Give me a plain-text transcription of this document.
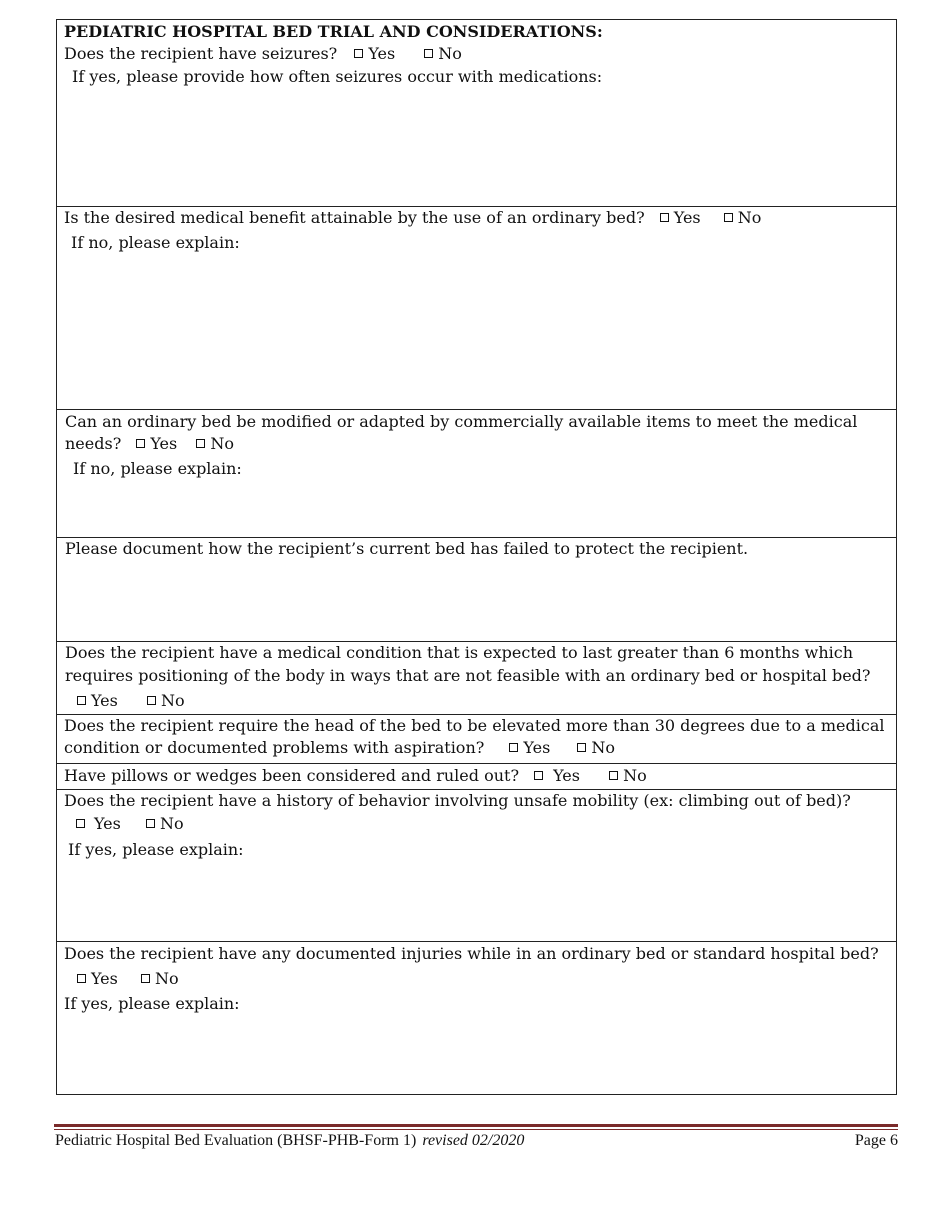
PEDIATRIC HOSPITAL BED TRIAL AND CONSIDERATIONS:
Does the recipient have seizures? Yes	No
If yes, please provide how often seizures occur with medications:
Is the desired medical benefit attainable by the use of an ordinary bed? Yes No
If no, please explain:
Can an ordinary bed be modified or adapted by commercially available items to meet the medical
needs? Yes No
If no, please explain:
Please document how the recipient’s current bed has failed to protect the recipient.
Does the recipient have a medical condition that is expected to last greater than 6 months which
requires positioning of the body in ways that are not feasible with an ordinary bed or hospital bed?
Yes	No
Does the recipient require the head of the bed to be elevated more than 30 degrees due to a medical
condition or documented problems with aspiration? Yes	No
Have pillows or wedges been considered and ruled out? Yes	No
Does the recipient have a history of behavior involving unsafe mobility (ex: climbing out of bed)?
Yes No
If yes, please explain:
Does the recipient have any documented injuries while in an ordinary bed or standard hospital bed?
Yes No
If yes, please explain:
Pediatric Hospital Bed Evaluation (BHSF-PHB-Form 1) revised 02/2020	Page 6
